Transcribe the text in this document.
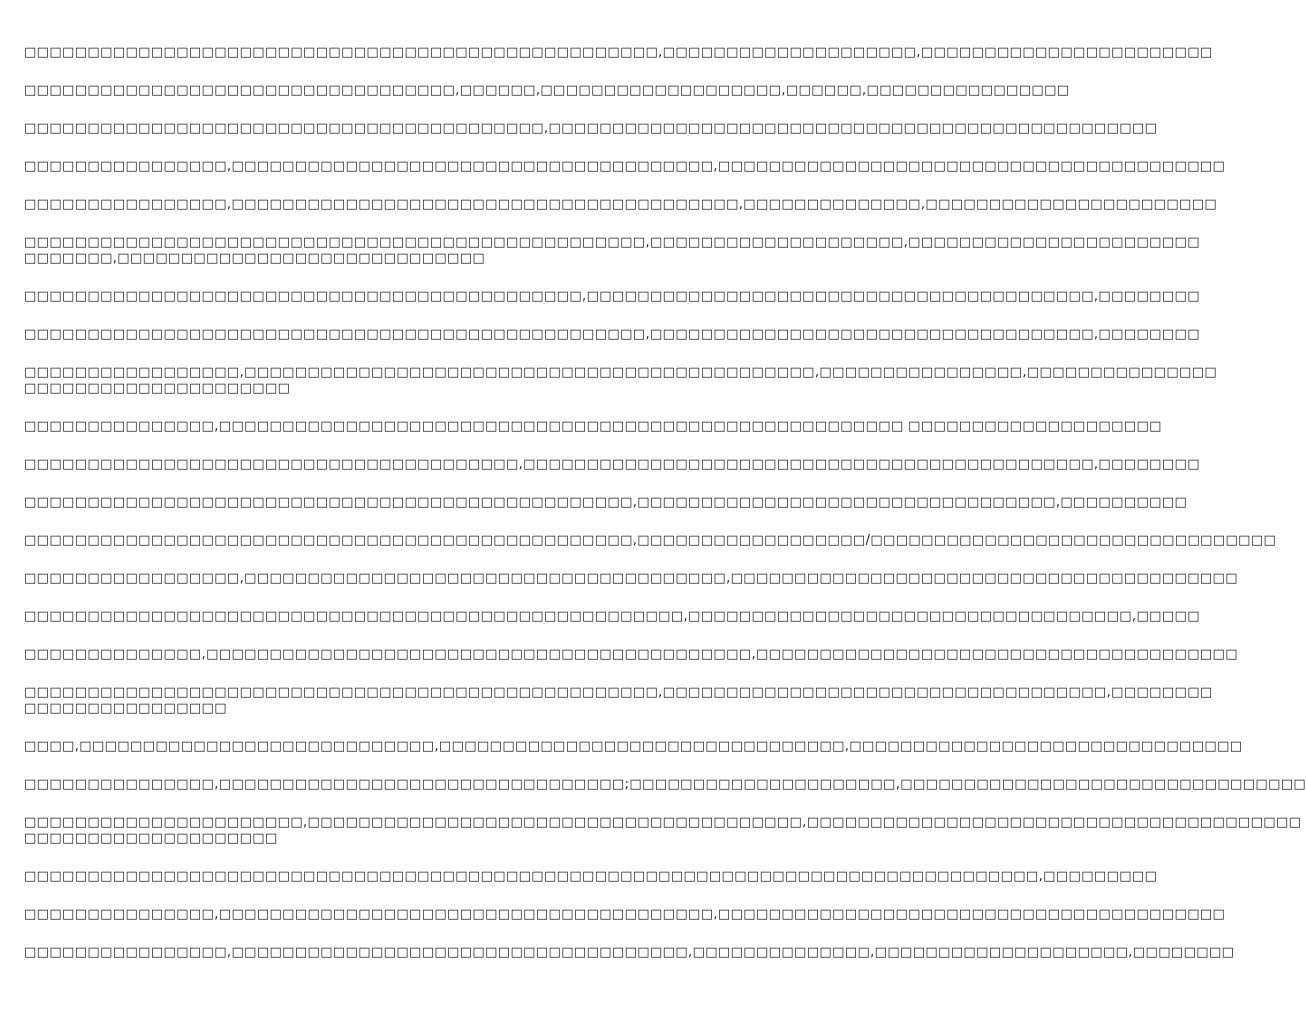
□□□□□□□□□□□□□□□□□□□□□□□□□□□□□□□□□□□□□□□□□□□□□□□□□□,□□□□□□□□□□□□□□□□□□□□,□□□□□□□□□□□□□□□□□□□□□□□

□□□□□□□□□□□□□□□□□□□□□□□□□□□□□□□□□□,□□□□□□,□□□□□□□□□□□□□□□□□□□,□□□□□□,□□□□□□□□□□□□□□□□

□□□□□□□□□□□□□□□□□□□□□□□□□□□□□□□□□□□□□□□□□,□□□□□□□□□□□□□□□□□□□□□□□□□□□□□□□□□□□□□□□□□□□□□□□□

□□□□□□□□□□□□□□□□,□□□□□□□□□□□□□□□□□□□□□□□□□□□□□□□□□□□□□□,□□□□□□□□□□□□□□□□□□□□□□□□□□□□□□□□□□□□□□□□

□□□□□□□□□□□□□□□□,□□□□□□□□□□□□□□□□□□□□□□□□□□□□□□□□□□□□□□□□,□□□□□□□□□□□□□□,□□□□□□□□□□□□□□□□□□□□□□□

□□□□□□□□□□□□□□□□□□□□□□□□□□□□□□□□□□□□□□□□□□□□□□□□□,□□□□□□□□□□□□□□□□□□□□,□□□□□□□□□□□□□□□□□□□□□□□
□□□□□□□,□□□□□□□□□□□□□□□□□□□□□□□□□□□□□

□□□□□□□□□□□□□□□□□□□□□□□□□□□□□□□□□□□□□□□□□□□□,□□□□□□□□□□□□□□□□□□□□□□□□□□□□□□□□□□□□□□□□,□□□□□□□□

□□□□□□□□□□□□□□□□□□□□□□□□□□□□□□□□□□□□□□□□□□□□□□□□□,□□□□□□□□□□□□□□□□□□□□□□□□□□□□□□□□□□□,□□□□□□□□

□□□□□□□□□□□□□□□□□,□□□□□□□□□□□□□□□□□□□□□□□□□□□□□□□□□□□□□□□□□□□□□,□□□□□□□□□□□□□□□□,□□□□□□□□□□□□□□□
□□□□□□□□□□□□□□□□□□□□□

□□□□□□□□□□□□□□□,□□□□□□□□□□□□□□□□□□□□□□□□□□□□□□□□□□□□□□□□□□□□□□□□□□□□□□ □□□□□□□□□□□□□□□□□□□□

□□□□□□□□□□□□□□□□□□□□□□□□□□□□□□□□□□□□□□□,□□□□□□□□□□□□□□□□□□□□□□□□□□□□□□□□□□□□□□□□□□□□□,□□□□□□□□

□□□□□□□□□□□□□□□□□□□□□□□□□□□□□□□□□□□□□□□□□□□□□□□□,□□□□□□□□□□□□□□□□□□□□□□□□□□□□□□□□□,□□□□□□□□□□

□□□□□□□□□□□□□□□□□□□□□□□□□□□□□□□□□□□□□□□□□□□□□□□□,□□□□□□□□□□□□□□□□□□/□□□□□□□□□□□□□□□□□□□□□□□□□□□□□□□□

□□□□□□□□□□□□□□□□□,□□□□□□□□□□□□□□□□□□□□□□□□□□□□□□□□□□□□□□,□□□□□□□□□□□□□□□□□□□□□□□□□□□□□□□□□□□□□□□□

□□□□□□□□□□□□□□□□□□□□□□□□□□□□□□□□□□□□□□□□□□□□□□□□□□□□,□□□□□□□□□□□□□□□□□□□□□□□□□□□□□□□□□□□,□□□□□

□□□□□□□□□□□□□□,□□□□□□□□□□□□□□□□□□□□□□□□□□□□□□□□□□□□□□□□□□□,□□□□□□□□□□□□□□□□□□□□□□□□□□□□□□□□□□□□□□

□□□□□□□□□□□□□□□□□□□□□□□□□□□□□□□□□□□□□□□□□□□□□□□□□□,□□□□□□□□□□□□□□□□□□□□□□□□□□□□□□□□□□□,□□□□□□□□
□□□□□□□□□□□□□□□□

□□□□,□□□□□□□□□□□□□□□□□□□□□□□□□□□□,□□□□□□□□□□□□□□□□□□□□□□□□□□□□□□□□,□□□□□□□□□□□□□□□□□□□□□□□□□□□□□□□

□□□□□□□□□□□□□□□,□□□□□□□□□□□□□□□□□□□□□□□□□□□□□□□□;□□□□□□□□□□□□□□□□□□□□□,□□□□□□□□□□□□□□□□□□□□□□□□□□□□□□□□

□□□□□□□□□□□□□□□□□□□□□□,□□□□□□□□□□□□□□□□□□□□□□□□□□□□□□□□□□□□□□□,□□□□□□□□□□□□□□□□□□□□□□□□□□□□□□□□□□□□□□□
□□□□□□□□□□□□□□□□□□□□

□□□□□□□□□□□□□□□□□□□□□□□□□□□□□□□□□□□□□□□□□□□□□□□□□□□□□□□□□□□□□□□□□□□□□□□□□□□□□□□□,□□□□□□□□□

□□□□□□□□□□□□□□□,□□□□□□□□□□□□□□□□□□□□□□□□□□□□□□□□□□□□□□□,□□□□□□□□□□□□□□□□□□□□□□□□□□□□□□□□□□□□□□□□

□□□□□□□□□□□□□□□□,□□□□□□□□□□□□□□□□□□□□□□□□□□□□□□□□□□□□,□□□□□□□□□□□□□□,□□□□□□□□□□□□□□□□□□□□,□□□□□□□□
